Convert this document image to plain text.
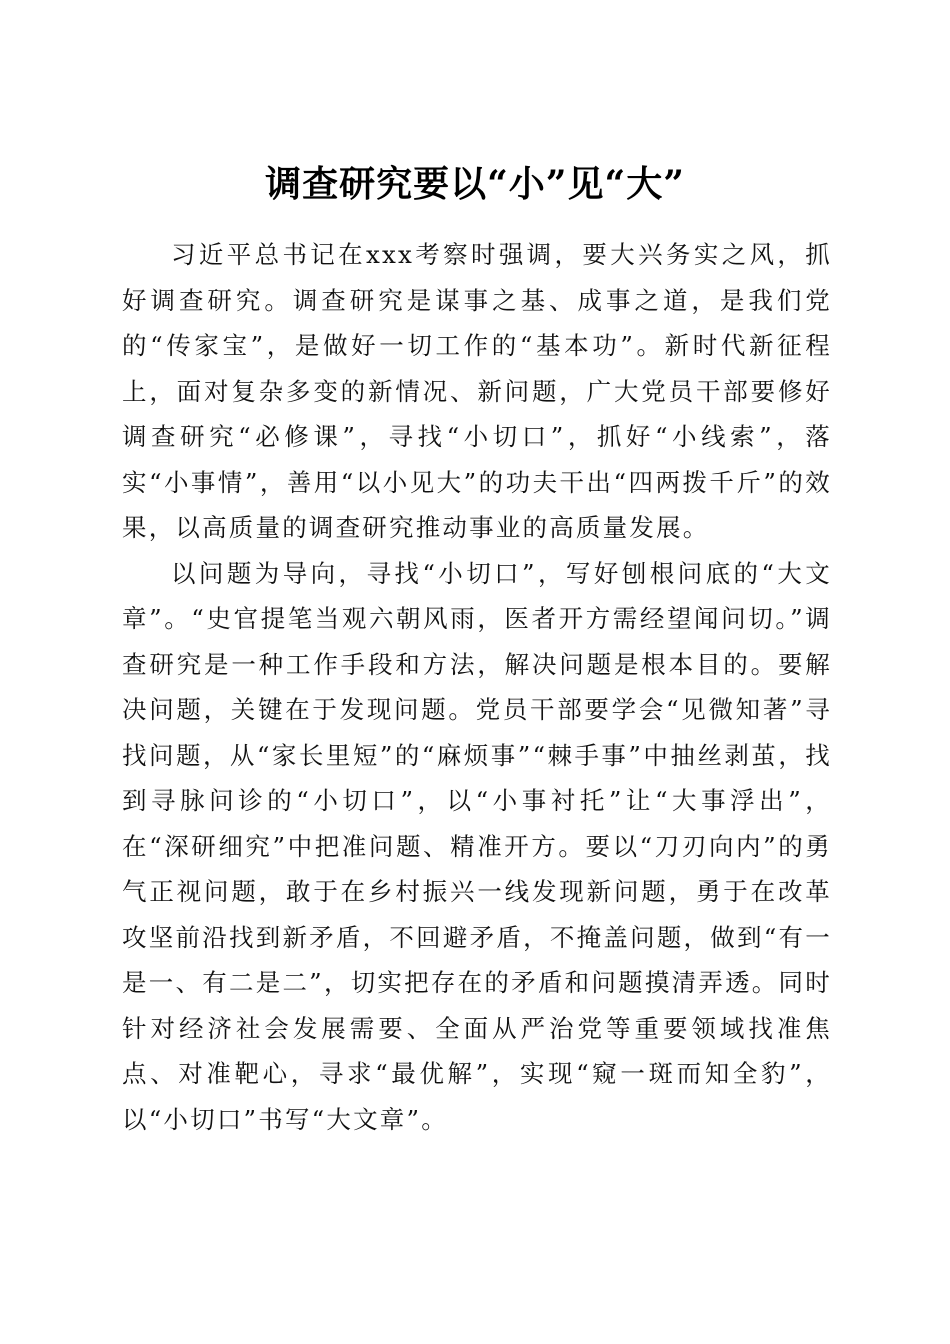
调查研究要以“小”见“大”

习近平总书记在xxx考察时强调，要大兴务实之风，抓好调查研究。调查研究是谋事之基、成事之道，是我们党的“传家宝”，是做好一切工作的“基本功”。新时代新征程上，面对复杂多变的新情况、新问题，广大党员干部要修好调查研究“必修课”，寻找“小切口”，抓好“小线索”，落实“小事情”，善用“以小见大”的功夫干出“四两拨千斤”的效果，以高质量的调查研究推动事业的高质量发展。

以问题为导向，寻找“小切口”，写好刨根问底的“大文章”。“史官提笔当观六朝风雨，医者开方需经望闻问切。”调查研究是一种工作手段和方法，解决问题是根本目的。要解决问题，关键在于发现问题。党员干部要学会“见微知著”寻找问题，从“家长里短”的“麻烦事”“棘手事”中抽丝剥茧，找到寻脉问诊的“小切口”，以“小事衬托”让“大事浮出”，在“深研细究”中把准问题、精准开方。要以“刀刃向内”的勇气正视问题，敢于在乡村振兴一线发现新问题，勇于在改革攻坚前沿找到新矛盾，不回避矛盾，不掩盖问题，做到“有一是一、有二是二”，切实把存在的矛盾和问题摸清弄透。同时针对经济社会发展需要、全面从严治党等重要领域找准焦点、对准靶心，寻求“最优解”，实现“窥一斑而知全豹”，以“小切口”书写“大文章”。
